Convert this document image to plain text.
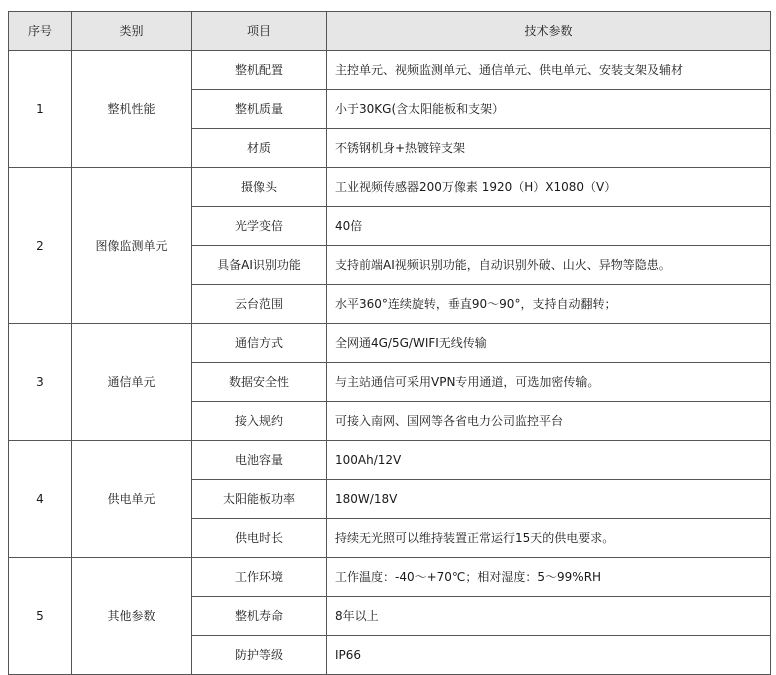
序号	类别	项目	技术参数
1	整机性能	整机配置	主控单元、视频监测单元、通信单元、供电单元、安装支架及辅材
		整机质量	小于30KG(含太阳能板和支架）
		材质	不锈钢机身+热镀锌支架
2	图像监测单元	摄像头	工业视频传感器200万像素 1920（H）X1080（V）
		光学变倍	40倍
		具备AI识别功能	支持前端AI视频识别功能，自动识别外破、山火、异物等隐患。
		云台范围	水平360°连续旋转，垂直90～90°，支持自动翻转；
3	通信单元	通信方式	全网通4G/5G/WIFI无线传输
		数据安全性	与主站通信可采用VPN专用通道，可选加密传输。
		接入规约	可接入南网、国网等各省电力公司监控平台
4	供电单元	电池容量	100Ah/12V
		太阳能板功率	180W/18V
		供电时长	持续无光照可以维持装置正常运行15天的供电要求。
5	其他参数	工作环境	工作温度：-40～+70℃；相对湿度：5～99%RH
		整机寿命	8年以上
		防护等级	IP66
